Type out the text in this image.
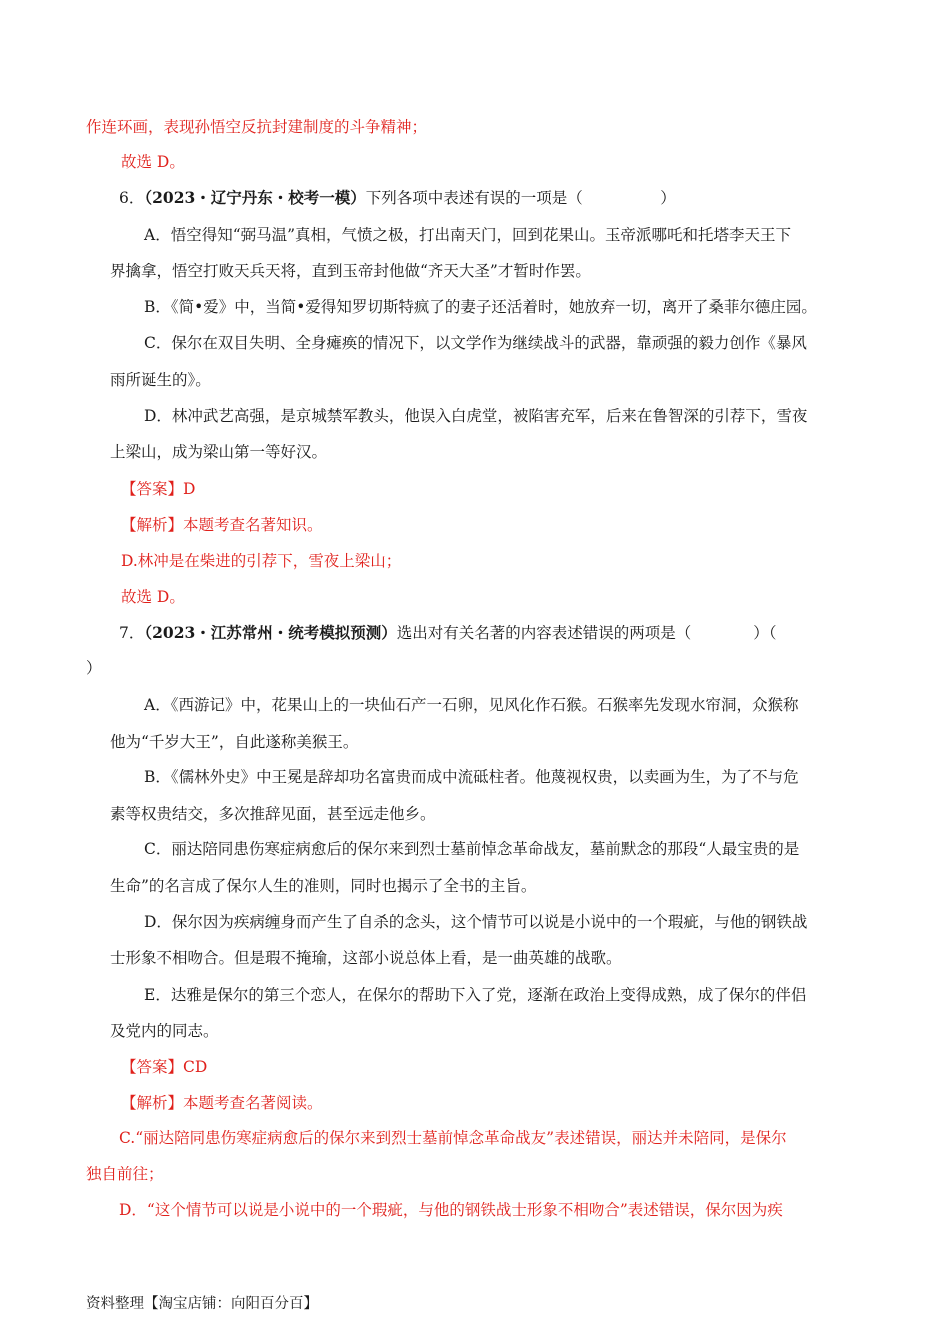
作连环画，表现孙悟空反抗封建制度的斗争精神；
故选 D。
6．（2023・辽宁丹东・校考一模）下列各项中表述有误的一项是（　　　　　）
A．悟空得知“弼马温”真相，气愤之极，打出南天门，回到花果山。玉帝派哪吒和托塔李天王下
界擒拿，悟空打败天兵天将，直到玉帝封他做“齐天大圣”才暂时作罢。
B．《简•爱》中，当简•爱得知罗切斯特疯了的妻子还活着时，她放弃一切，离开了桑菲尔德庄园。
C．保尔在双目失明、全身瘫痪的情况下，以文学作为继续战斗的武器，靠顽强的毅力创作《暴风
雨所诞生的》。
D．林冲武艺高强，是京城禁军教头，他误入白虎堂，被陷害充军，后来在鲁智深的引荐下，雪夜
上梁山，成为梁山第一等好汉。
【答案】D
【解析】本题考查名著知识。
D.林冲是在柴进的引荐下，雪夜上梁山；
故选 D。
7．（2023・江苏常州・统考模拟预测）选出对有关名著的内容表述错误的两项是（　　　　）（
）
A．《西游记》中，花果山上的一块仙石产一石卵，见风化作石猴。石猴率先发现水帘洞，众猴称
他为“千岁大王”，自此遂称美猴王。
B．《儒林外史》中王冕是辞却功名富贵而成中流砥柱者。他蔑视权贵，以卖画为生，为了不与危
素等权贵结交，多次推辞见面，甚至远走他乡。
C．丽达陪同患伤寒症病愈后的保尔来到烈士墓前悼念革命战友，墓前默念的那段“人最宝贵的是
生命”的名言成了保尔人生的准则，同时也揭示了全书的主旨。
D．保尔因为疾病缠身而产生了自杀的念头，这个情节可以说是小说中的一个瑕疵，与他的钢铁战
士形象不相吻合。但是瑕不掩瑜，这部小说总体上看，是一曲英雄的战歌。
E．达雅是保尔的第三个恋人，在保尔的帮助下入了党，逐渐在政治上变得成熟，成了保尔的伴侣
及党内的同志。
【答案】CD
【解析】本题考查名著阅读。
C.“丽达陪同患伤寒症病愈后的保尔来到烈士墓前悼念革命战友”表述错误，丽达并未陪同，是保尔
独自前往；
D．“这个情节可以说是小说中的一个瑕疵，与他的钢铁战士形象不相吻合”表述错误，保尔因为疾
资料整理【淘宝店铺：向阳百分百】
